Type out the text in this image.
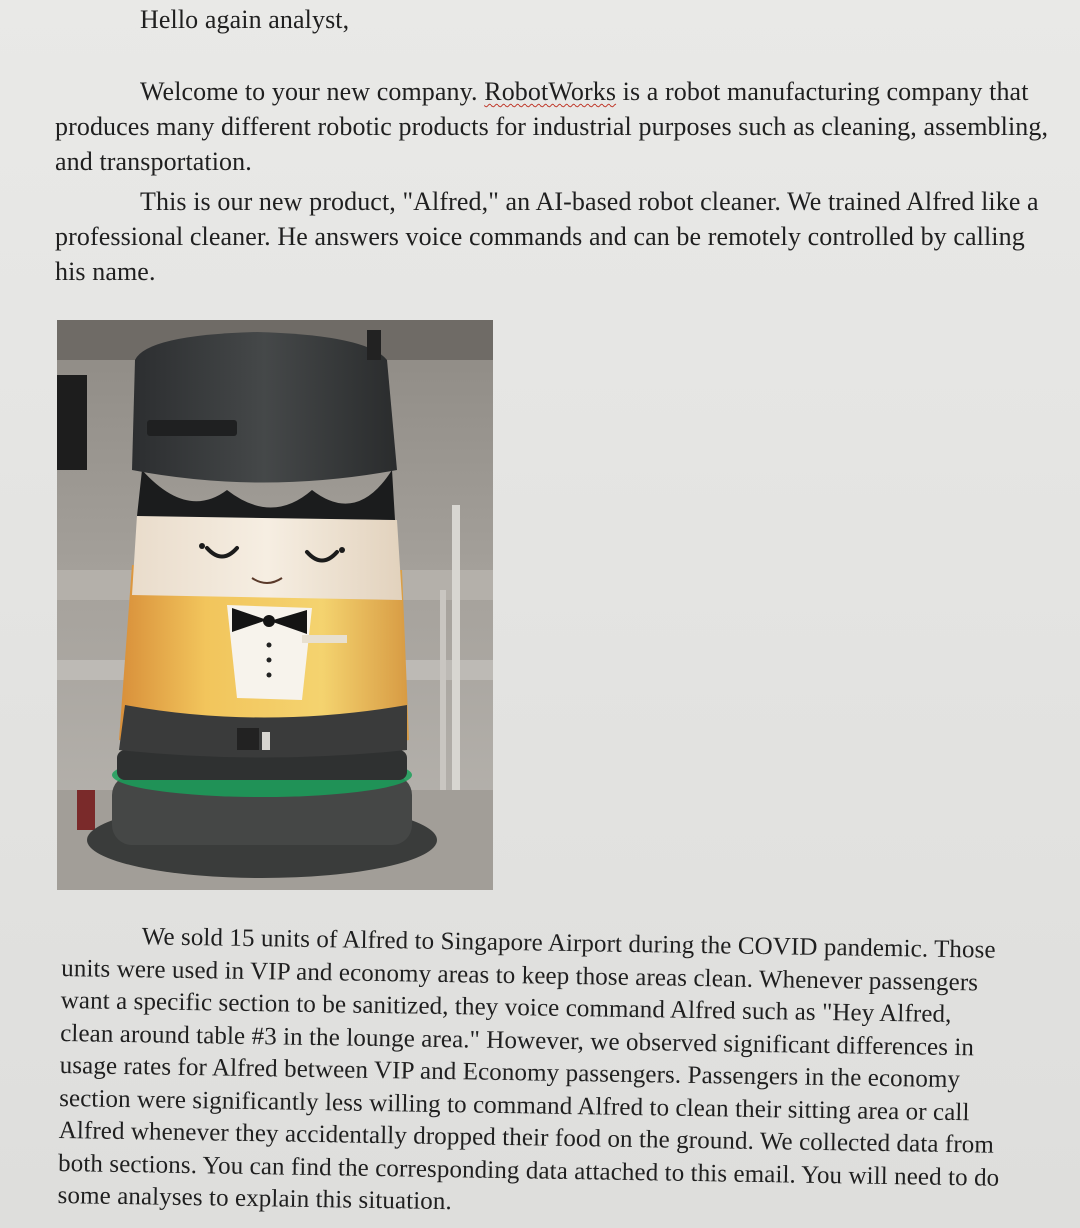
Hello again analyst,

Welcome to your new company. RobotWorks is a robot manufacturing company that produces many different robotic products for industrial purposes such as cleaning, assembling, and transportation.

This is our new product, "Alfred," an AI-based robot cleaner. We trained Alfred like a professional cleaner. He answers voice commands and can be remotely controlled by calling his name.

We sold 15 units of Alfred to Singapore Airport during the COVID pandemic. Those units were used in VIP and economy areas to keep those areas clean. Whenever passengers want a specific section to be sanitized, they voice command Alfred such as "Hey Alfred, clean around table #3 in the lounge area." However, we observed significant differences in usage rates for Alfred between VIP and Economy passengers. Passengers in the economy section were significantly less willing to command Alfred to clean their sitting area or call Alfred whenever they accidentally dropped their food on the ground. We collected data from both sections. You can find the corresponding data attached to this email. You will need to do some analyses to explain this situation.
